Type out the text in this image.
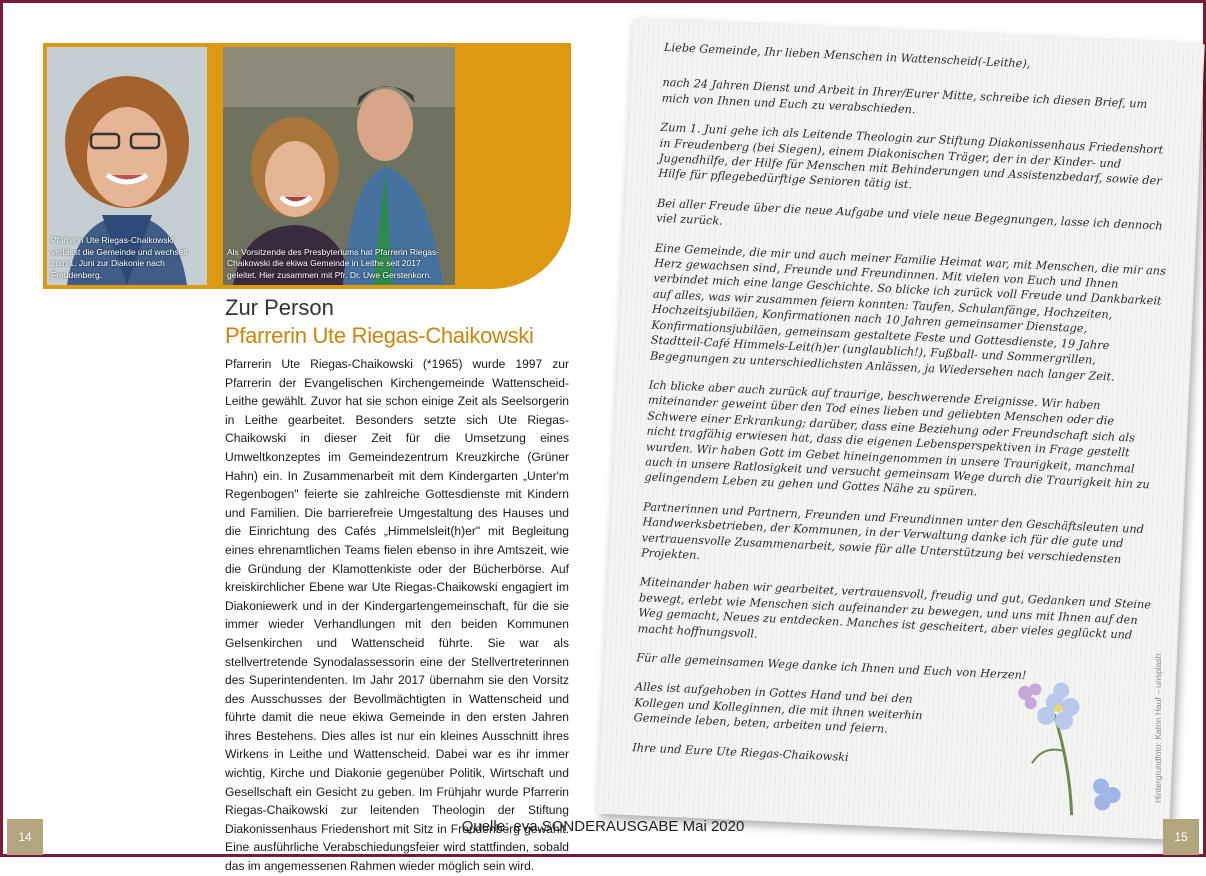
Pfarrerin Ute Riegas-Chaikowski verlässt die Gemeinde und wechselt zum 1. Juni zur Diakonie nach Freudenberg.
Als Vorsitzende des Presbyteriums hat Pfarrerin Riegas-Chaikowski die ekiwa Gemeinde in Leithe seit 2017 geleitet. Hier zusammen mit Pfr. Dr. Uwe Gerstenkorn.
Zur Person
Pfarrerin Ute Riegas-Chaikowski

Pfarrerin Ute Riegas-Chaikowski (*1965) wurde 1997 zur Pfarrerin der Evangelischen Kirchengemeinde Wattenscheid-Leithe gewählt. Zuvor hat sie schon einige Zeit als Seelsorgerin in Leithe gearbeitet. Besonders setzte sich Ute Riegas-Chaikowski in dieser Zeit für die Umsetzung eines Umweltkonzeptes im Gemeindezentrum Kreuzkirche (Grüner Hahn) ein. In Zusammenarbeit mit dem Kindergarten „Unter'm Regenbogen" feierte sie zahlreiche Gottesdienste mit Kindern und Familien. Die barrierefreie Umgestaltung des Hauses und die Einrichtung des Cafés „Himmelsleit(h)er" mit Begleitung eines ehrenamtlichen Teams fielen ebenso in ihre Amtszeit, wie die Gründung der Klamottenkiste oder der Bücherbörse. Auf kreiskirchlicher Ebene war Ute Riegas-Chaikowski engagiert im Diakoniewerk und in der Kindergartengemeinschaft, für die sie immer wieder Verhandlungen mit den beiden Kommunen Gelsenkirchen und Wattenscheid führte. Sie war als stellvertretende Synodalassessorin eine der Stellvertreterinnen des Superintendenten. Im Jahr 2017 übernahm sie den Vorsitz des Ausschusses der Bevollmächtigten in Wattenscheid und führte damit die neue ekiwa Gemeinde in den ersten Jahren ihres Bestehens. Dies alles ist nur ein kleines Ausschnitt ihres Wirkens in Leithe und Wattenscheid. Dabei war es ihr immer wichtig, Kirche und Diakonie gegenüber Politik, Wirtschaft und Gesellschaft ein Gesicht zu geben. Im Frühjahr wurde Pfarrerin Riegas-Chaikowski zur leitenden Theologin der Stiftung Diakonissenhaus Friedenshort mit Sitz in Freudenberg gewählt. Eine ausführliche Verabschiedungsfeier wird stattfinden, sobald das im angemessenen Rahmen wieder möglich sein wird.

Liebe Gemeinde, Ihr lieben Menschen in Wattenscheid(-Leithe),

nach 24 Jahren Dienst und Arbeit in Ihrer/Eurer Mitte, schreibe ich diesen Brief, um mich von Ihnen und Euch zu verabschieden.

Zum 1. Juni gehe ich als Leitende Theologin zur Stiftung Diakonissenhaus Friedenshort in Freudenberg (bei Siegen), einem Diakonischen Träger, der in der Kinder- und Jugendhilfe, der Hilfe für Menschen mit Behinderungen und Assistenzbedarf, sowie der Hilfe für pflegebedürftige Senioren tätig ist.

Bei aller Freude über die neue Aufgabe und viele neue Begegnungen, lasse ich dennoch viel zurück.

Eine Gemeinde, die mir und auch meiner Familie Heimat war, mit Menschen, die mir ans Herz gewachsen sind, Freunde und Freundinnen. Mit vielen von Euch und Ihnen verbindet mich eine lange Geschichte. So blicke ich zurück voll Freude und Dankbarkeit auf alles, was wir zusammen feiern konnten: Taufen, Schulanfänge, Hochzeiten, Hochzeitsjubiläen, Konfirmationen nach 10 Jahren gemeinsamer Dienstage, Konfirmationsjubiläen, gemeinsam gestaltete Feste und Gottesdienste, 19 Jahre Stadtteil-Café Himmels-Leit(h)er (unglaublich!), Fußball- und Sommergrillen, Begegnungen zu unterschiedlichsten Anlässen, ja Wiedersehen nach langer Zeit.

Ich blicke aber auch zurück auf traurige, beschwerende Ereignisse. Wir haben miteinander geweint über den Tod eines lieben und geliebten Menschen oder die Schwere einer Erkrankung; darüber, dass eine Beziehung oder Freundschaft sich als nicht tragfähig erwiesen hat, dass die eigenen Lebensperspektiven in Frage gestellt wurden. Wir haben Gott im Gebet hineingenommen in unsere Traurigkeit, manchmal auch in unsere Ratlosigkeit und versucht gemeinsam Wege durch die Traurigkeit hin zu gelingendem Leben zu gehen und Gottes Nähe zu spüren.

Partnerinnen und Partnern, Freunden und Freundinnen unter den Geschäftsleuten und Handwerksbetrieben, der Kommunen, in der Verwaltung danke ich für die gute und vertrauensvolle Zusammenarbeit, sowie für alle Unterstützung bei verschiedensten Projekten.

Miteinander haben wir gearbeitet, vertrauensvoll, freudig und gut, Gedanken und Steine bewegt, erlebt wie Menschen sich aufeinander zu bewegen, und uns mit Ihnen auf den Weg gemacht, Neues zu entdecken. Manches ist gescheitert, aber vieles geglückt und macht hoffnungsvoll.

Für alle gemeinsamen Wege danke ich Ihnen und Euch von Herzen!

Alles ist aufgehoben in Gottes Hand und bei den Kollegen und Kolleginnen, die mit ihnen weiterhin Gemeinde leben, beten, arbeiten und feiern.

Ihre und Eure Ute Riegas-Chaikowski	Hintergrundfoto: Katrin Hauf – unsplash
Quelle: eva.SONDERAUSGABE Mai 2020
14	15
